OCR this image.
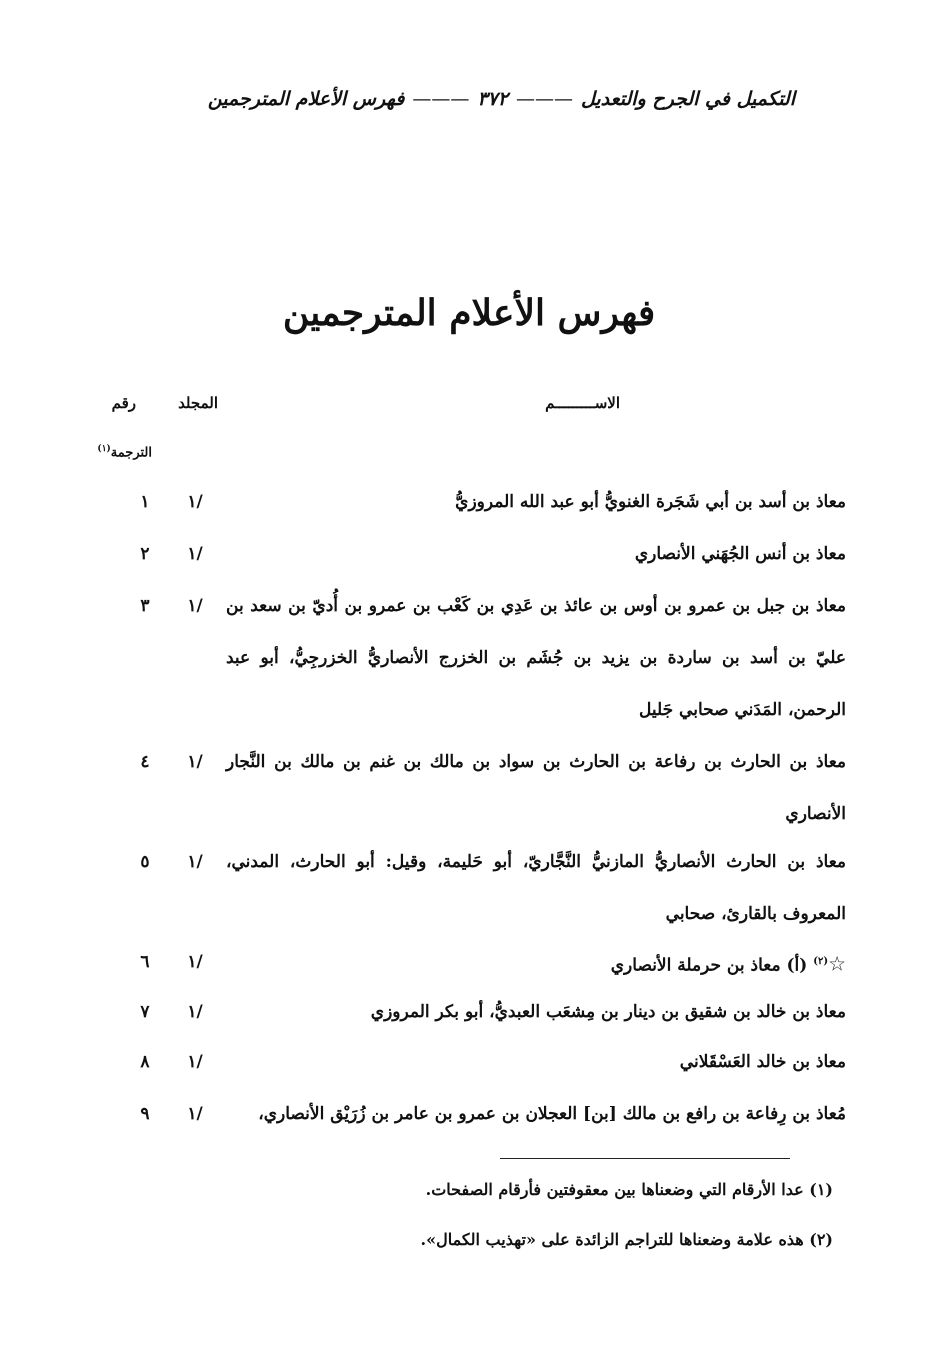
التكميل في الجرح والتعديل———٣٧٢———فهرس الأعلام المترجمين
فهرس الأعلام المترجمين
الاســـــــــم
المجلد
رقم
الترجمة$^{(١)}$
معاذ بن أسد بن أبي شَجَرة الغنويُّ أبو عبد الله المروزيُّ
١/
١
معاذ بن أنس الجُهَني الأنصاري
١/
٢
معاذ بن جبل بن عمرو بن أوس بن عائذ بن عَدِي بن كَعْب بن عمرو بن أُديّ بن سعد بن عليّ بن أسد بن ساردة بن يزيد بن جُشَم بن الخزرج الأنصاريُّ الخزرجِيُّ، أبو عبد الرحمن، المَدَني صحابي جَليل
١/
٣
معاذ بن الحارث بن رفاعة بن الحارث بن سواد بن مالك بن غنم بن مالك بن النَّجار الأنصاري
١/
٤
معاذ بن الحارث الأنصاريُّ المازنيُّ النَّجَّاريّ، أبو حَليمة، وقيل: أبو الحارث، المدني، المعروف بالقارئ، صحابي
١/
٥
☆$^{(٢)}$ (أ) معاذ بن حرملة الأنصاري
١/
٦
معاذ بن خالد بن شقيق بن دينار بن مِشعَب العبديُّ، أبو بكر المروزي
١/
٧
معاذ بن خالد العَسْقَلاني
١/
٨
مُعاذ بن رِفاعة بن رافع بن مالك [بن] العجلان بن عمرو بن عامر بن زُرَيْق الأنصاري،
١/
٩
(١) عدا الأرقام التي وضعناها بين معقوفتين فأرقام الصفحات.
(٢) هذه علامة وضعناها للتراجم الزائدة على «تهذيب الكمال».
